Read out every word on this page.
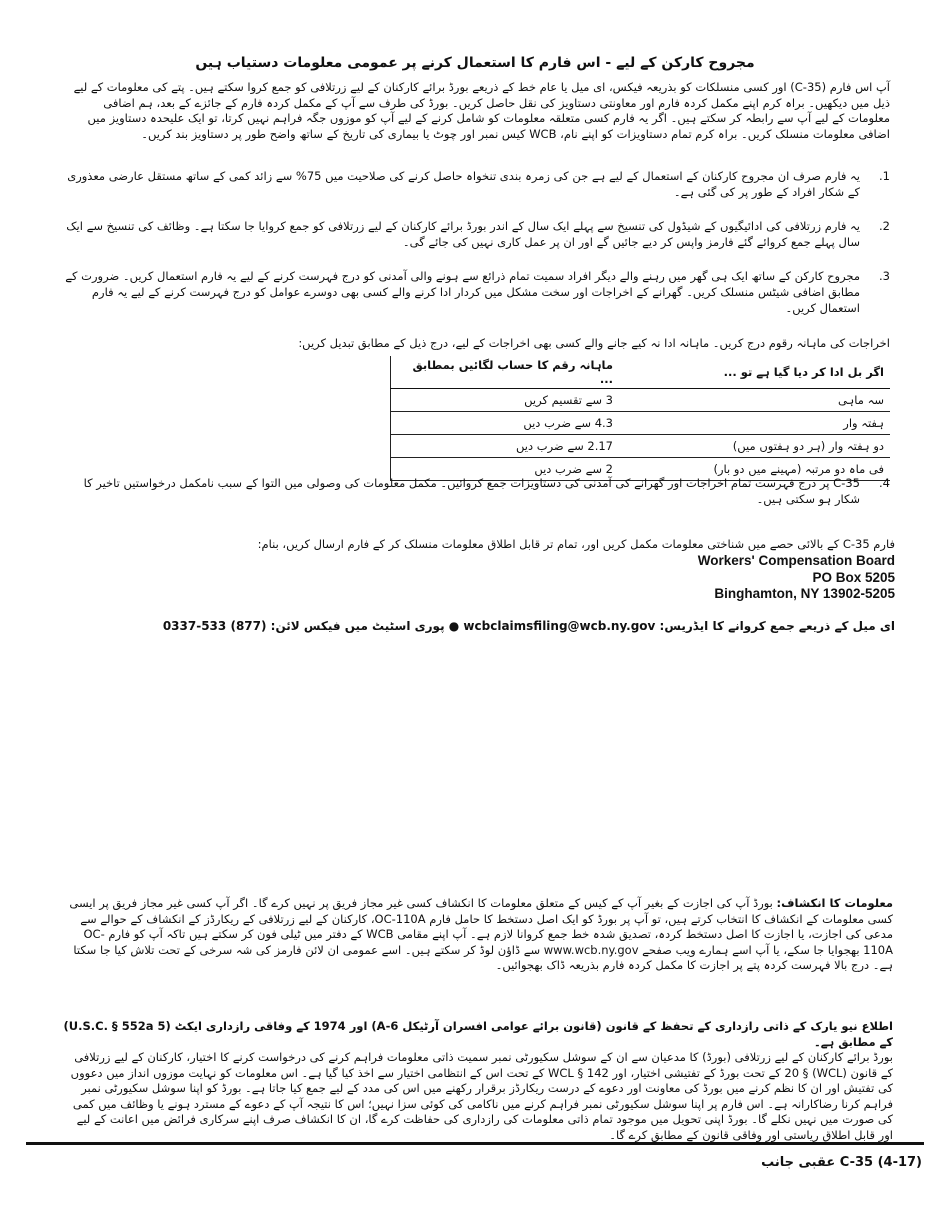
مجروح کارکن کے لیے - اس فارم کا استعمال کرنے پر عمومی معلومات دستیاب ہیں
آپ اس فارم (C-35) اور کسی منسلکات کو بذریعہ فیکس، ای میل یا عام خط کے ذریعے بورڈ برائے کارکنان کے لیے زرتلافی کو جمع کروا سکتے ہیں۔ پتے کی معلومات کے لیے ذیل میں دیکھیں۔ براہ کرم اپنے مکمل کردہ فارم اور معاونتی دستاویز کی نقل حاصل کریں۔ بورڈ کی طرف سے آپ کے مکمل کردہ فارم کے جائزے کے بعد، ہم اضافی معلومات کے لیے آپ سے رابطہ کر سکتے ہیں۔ اگر یہ فارم کسی متعلقہ معلومات کو شامل کرنے کے لیے آپ کو موزوں جگہ فراہم نہیں کرتا، تو ایک علیحدہ دستاویز میں اضافی معلومات منسلک کریں۔ براہ کرم تمام دستاویزات کو اپنے نام، WCB کیس نمبر اور چوٹ یا بیماری کی تاریخ کے ساتھ واضح طور پر دستاویز بند کریں۔
.1
یہ فارم صرف ان مجروح کارکنان کے استعمال کے لیے ہے جن کی زمرہ بندی تنخواہ حاصل کرنے کی صلاحیت میں 75% سے زائد کمی کے ساتھ مستقل عارضی معذوری کے شکار افراد کے طور پر کی گئی ہے۔
.2
یہ فارم زرتلافی کی ادائیگیوں کے شیڈول کی تنسیخ سے پہلے ایک سال کے اندر بورڈ برائے کارکنان کے لیے زرتلافی کو جمع کروایا جا سکتا ہے۔ وظائف کی تنسیخ سے ایک سال پہلے جمع کروائے گئے فارمز واپس کر دیے جائیں گے اور ان پر عمل کاری نہیں کی جائے گی۔
.3
مجروح کارکن کے ساتھ ایک ہی گھر میں رہنے والے دیگر افراد سمیت تمام ذرائع سے ہونے والی آمدنی کو درج فہرست کرنے کے لیے یہ فارم استعمال کریں۔ ضرورت کے مطابق اضافی شیٹس منسلک کریں۔ گھرانے کے اخراجات اور سخت مشکل میں کردار ادا کرنے والے کسی بھی دوسرے عوامل کو درج فہرست کرنے کے لیے یہ فارم استعمال کریں۔
اخراجات کی ماہانہ رقوم درج کریں۔ ماہانہ ادا نہ کیے جانے والے کسی بھی اخراجات کے لیے، درج ذیل کے مطابق تبدیل کریں:
اگر بل ادا کر دیا گیا ہے تو ...	ماہانہ رقم کا حساب لگائیں بمطابق ...
سہ ماہی	3 سے تقسیم کریں
ہفتہ وار	4.3 سے ضرب دیں
دو ہفتہ وار (ہر دو ہفتوں میں)	2.17 سے ضرب دیں
فی ماہ دو مرتبہ (مہینے میں دو بار)	2 سے ضرب دیں
.4
C-35 پر درج فہرست تمام اخراجات اور گھرانے کی آمدنی کی دستاویزات جمع کروائیں۔ مکمل معلومات کی وصولی میں التوا کے سبب نامکمل درخواستیں تاخیر کا شکار ہو سکتی ہیں۔
فارم C-35 کے بالائی حصے میں شناختی معلومات مکمل کریں اور، تمام تر قابل اطلاق معلومات منسلک کر کے فارم ارسال کریں، بنام:
Workers' Compensation Board
PO Box 5205
Binghamton, NY 13902-5205
ای میل کے ذریعے جمع کروانے کا ایڈریس: wcbclaimsfiling@wcb.ny.gov ● پوری اسٹیٹ میں فیکس لائن: (877) 533-0337
معلومات کا انکشاف: بورڈ آپ کی اجازت کے بغیر آپ کے کیس کے متعلق معلومات کا انکشاف کسی غیر مجاز فریق پر نہیں کرے گا۔ اگر آپ کسی غیر مجاز فریق پر ایسی کسی معلومات کے انکشاف کا انتخاب کرتے ہیں، تو آپ پر بورڈ کو ایک اصل دستخط کا حامل فارم OC-110A، کارکنان کے لیے زرتلافی کے ریکارڈز کے انکشاف کے حوالے سے مدعی کی اجازت، یا اجازت کا اصل دستخط کردہ، تصدیق شدہ خط جمع کروانا لازم ہے۔ آپ اپنے مقامی WCB کے دفتر میں ٹیلی فون کر سکتے ہیں تاکہ آپ کو فارم OC-110A بھجوایا جا سکے، یا آپ اسے ہمارے ویب صفحے www.wcb.ny.gov سے ڈاؤن لوڈ کر سکتے ہیں۔ اسے عمومی ان لائن فارمز کی شہ سرخی کے تحت تلاش کیا جا سکتا ہے۔ درج بالا فہرست کردہ پتے پر اجازت کا مکمل کردہ فارم بذریعہ ڈاک بھجوائیں۔
اطلاع نیو یارک کے ذاتی رازداری کے تحفظ کے قانون (قانون برائے عوامی افسران آرٹیکل 6-A) اور 1974 کے وفاقی رازداری ایکٹ (5 U.S.C. § 552a) کے مطابق ہے۔
بورڈ برائے کارکنان کے لیے زرتلافی (بورڈ) کا مدعیان سے ان کے سوشل سکیورٹی نمبر سمیت ذاتی معلومات فراہم کرنے کی درخواست کرنے کا اختیار، کارکنان کے لیے زرتلافی کے قانون (WCL) § 20 کے تحت بورڈ کے تفتیشی اختیار، اور WCL § 142 کے تحت اس کے انتظامی اختیار سے اخذ کیا گیا ہے۔ اس معلومات کو نہایت موزوں انداز میں دعووں کی تفتیش اور ان کا نظم کرنے میں بورڈ کی معاونت اور دعوے کے درست ریکارڈز برقرار رکھنے میں اس کی مدد کے لیے جمع کیا جاتا ہے۔ بورڈ کو اپنا سوشل سکیورٹی نمبر فراہم کرنا رضاکارانہ ہے۔ اس فارم پر اپنا سوشل سکیورٹی نمبر فراہم کرنے میں ناکامی کی کوئی سزا نہیں؛ اس کا نتیجہ آپ کے دعوے کے مسترد ہونے یا وظائف میں کمی کی صورت میں نہیں نکلے گا۔ بورڈ اپنی تحویل میں موجود تمام ذاتی معلومات کی رازداری کی حفاظت کرے گا، ان کا انکشاف صرف اپنے سرکاری فرائض میں اعانت کے لیے اور قابل اطلاق ریاستی اور وفاقی قانون کے مطابق کرے گا۔
C-35 (4-17) عقبی جانب
